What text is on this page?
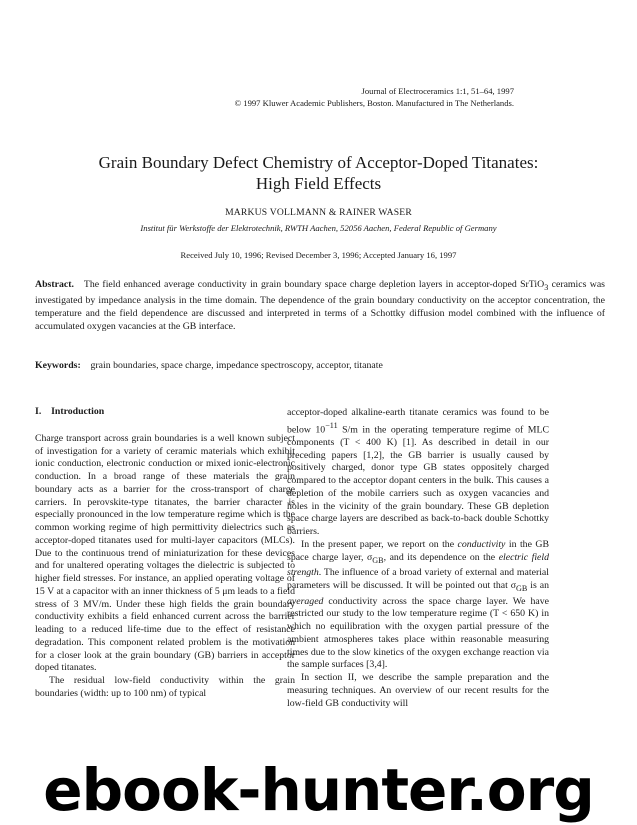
Journal of Electroceramics 1:1, 51–64, 1997
© 1997 Kluwer Academic Publishers, Boston. Manufactured in The Netherlands.
Grain Boundary Defect Chemistry of Acceptor-Doped Titanates:
High Field Effects
MARKUS VOLLMANN & RAINER WASER
Institut für Werkstoffe der Elektrotechnik, RWTH Aachen, 52056 Aachen, Federal Republic of Germany
Received July 10, 1996; Revised December 3, 1996; Accepted January 16, 1997

Abstract. The field enhanced average conductivity in grain boundary space charge depletion layers in acceptor-doped SrTiO$_3$ ceramics was investigated by impedance analysis in the time domain. The dependence of the grain boundary conductivity on the acceptor concentration, the temperature and the field dependence are discussed and interpreted in terms of a Schottky diffusion model combined with the influence of accumulated oxygen vacancies at the GB interface.

Keywords: grain boundaries, space charge, impedance spectroscopy, acceptor, titanate

I. Introduction

Charge transport across grain boundaries is a well known subject of investigation for a variety of ceramic materials which exhibit ionic conduction, electronic conduction or mixed ionic-electronic conduction. In a broad range of these materials the grain boundary acts as a barrier for the cross-transport of charge carriers. In perovskite-type titanates, the barrier character is especially pronounced in the low temperature regime which is the common working regime of high permittivity dielectrics such as acceptor-doped titanates used for multi-layer capacitors (MLCs). Due to the continuous trend of miniaturization for these devices and for unaltered operating voltages the dielectric is subjected to higher field stresses. For instance, an applied operating voltage of 15 V at a capacitor with an inner thickness of 5 μm leads to a field stress of 3 MV/m. Under these high fields the grain boundary conductivity exhibits a field enhanced current across the barrier leading to a reduced life-time due to the effect of resistance degradation. This component related problem is the motivation for a closer look at the grain boundary (GB) barriers in acceptor doped titanates.

The residual low-field conductivity within the grain boundaries (width: up to 100 nm) of typical

acceptor-doped alkaline-earth titanate ceramics was found to be below $10^{-11}$ S/m in the operating temperature regime of MLC components (T < 400 K) [1]. As described in detail in our preceding papers [1,2], the GB barrier is usually caused by positively charged, donor type GB states oppositely charged compared to the acceptor dopant centers in the bulk. This causes a depletion of the mobile carriers such as oxygen vacancies and holes in the vicinity of the grain boundary. These GB depletion space charge layers are described as back-to-back double Schottky barriers.

In the present paper, we report on the conductivity in the GB space charge layer, $\sigma_{GB}$, and its dependence on the electric field strength. The influence of a broad variety of external and material parameters will be discussed. It will be pointed out that $\sigma_{GB}$ is an averaged conductivity across the space charge layer. We have restricted our study to the low temperature regime (T < 650 K) in which no equilibration with the oxygen partial pressure of the ambient atmospheres takes place within reasonable measuring times due to the slow kinetics of the oxygen exchange reaction via the sample surfaces [3,4].

In section II, we describe the sample preparation and the measuring techniques. An overview of our recent results for the low-field GB conductivity will

ebook-hunter.org
